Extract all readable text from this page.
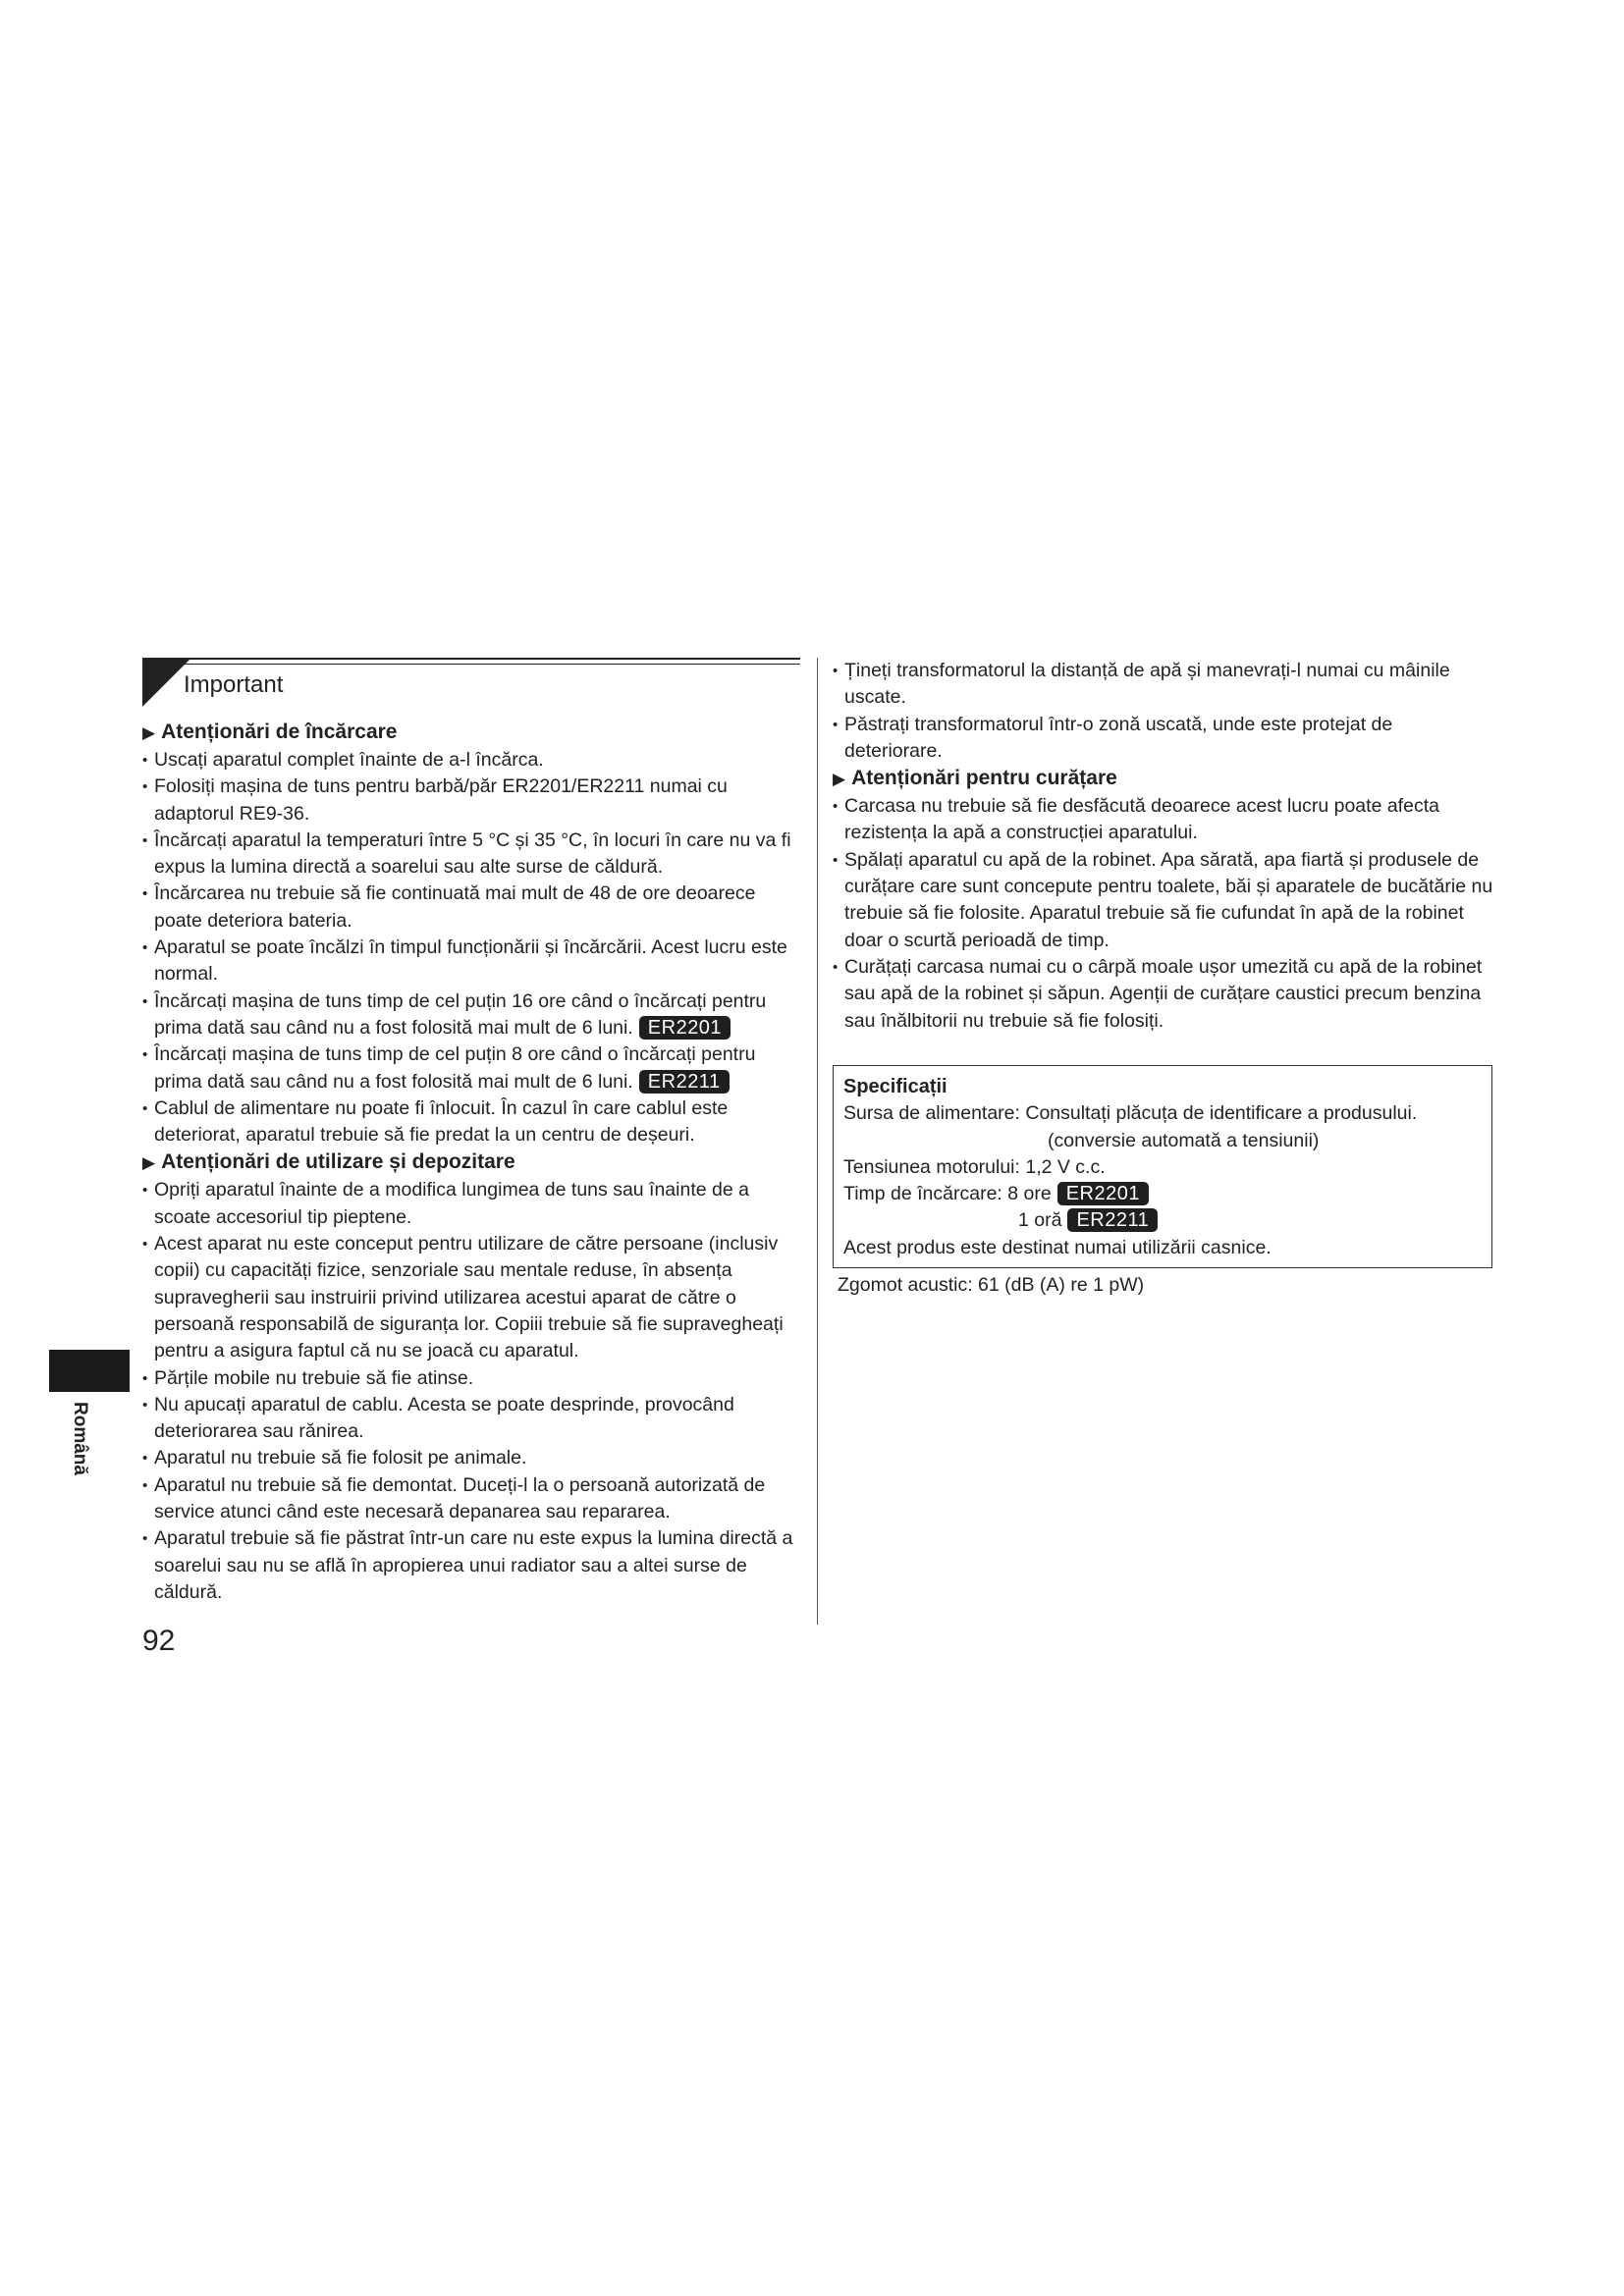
Important
▶ Atenționări de încărcare
• Uscați aparatul complet înainte de a-l încărca.
• Folosiți mașina de tuns pentru barbă/păr ER2201/ER2211 numai cu adaptorul RE9-36.
• Încărcați aparatul la temperaturi între 5 °C și 35 °C, în locuri în care nu va fi expus la lumina directă a soarelui sau alte surse de căldură.
• Încărcarea nu trebuie să fie continuată mai mult de 48 de ore deoarece poate deteriora bateria.
• Aparatul se poate încălzi în timpul funcționării și încărcării. Acest lucru este normal.
• Încărcați mașina de tuns timp de cel puțin 16 ore când o încărcați pentru prima dată sau când nu a fost folosită mai mult de 6 luni. ER2201
• Încărcați mașina de tuns timp de cel puțin 8 ore când o încărcați pentru prima dată sau când nu a fost folosită mai mult de 6 luni. ER2211
• Cablul de alimentare nu poate fi înlocuit. În cazul în care cablul este deteriorat, aparatul trebuie să fie predat la un centru de deșeuri.
▶ Atenționări de utilizare și depozitare
• Opriți aparatul înainte de a modifica lungimea de tuns sau înainte de a scoate accesoriul tip pieptene.
• Acest aparat nu este conceput pentru utilizare de către persoane (inclusiv copii) cu capacități fizice, senzoriale sau mentale reduse, în absența supravegherii sau instruirii privind utilizarea acestui aparat de către o persoană responsabilă de siguranța lor. Copiii trebuie să fie supravegheați pentru a asigura faptul că nu se joacă cu aparatul.
• Părțile mobile nu trebuie să fie atinse.
• Nu apucați aparatul de cablu. Acesta se poate desprinde, provocând deteriorarea sau rănirea.
• Aparatul nu trebuie să fie folosit pe animale.
• Aparatul nu trebuie să fie demontat. Duceți-l la o persoană autorizată de service atunci când este necesară depanarea sau repararea.
• Aparatul trebuie să fie păstrat într-un care nu este expus la lumina directă a soarelui sau nu se află în apropierea unui radiator sau a altei surse de căldură.
• Țineți transformatorul la distanță de apă și manevrați-l numai cu mâinile uscate.
• Păstrați transformatorul într-o zonă uscată, unde este protejat de deteriorare.
▶ Atenționări pentru curățare
• Carcasa nu trebuie să fie desfăcută deoarece acest lucru poate afecta rezistența la apă a construcției aparatului.
• Spălați aparatul cu apă de la robinet. Apa sărată, apa fiartă și produsele de curățare care sunt concepute pentru toalete, băi și aparatele de bucătărie nu trebuie să fie folosite. Aparatul trebuie să fie cufundat în apă de la robinet doar o scurtă perioadă de timp.
• Curățați carcasa numai cu o cârpă moale ușor umezită cu apă de la robinet sau apă de la robinet și săpun. Agenții de curățare caustici precum benzina sau înălbitorii nu trebuie să fie folosiți.
Specificații
Sursa de alimentare: Consultați plăcuța de identificare a produsului.
(conversie automată a tensiunii)
Tensiunea motorului: 1,2 V c.c.
Timp de încărcare: 8 ore ER2201
1 oră ER2211
Acest produs este destinat numai utilizării casnice.
Zgomot acustic: 61 (dB (A) re 1 pW)
Română
92
